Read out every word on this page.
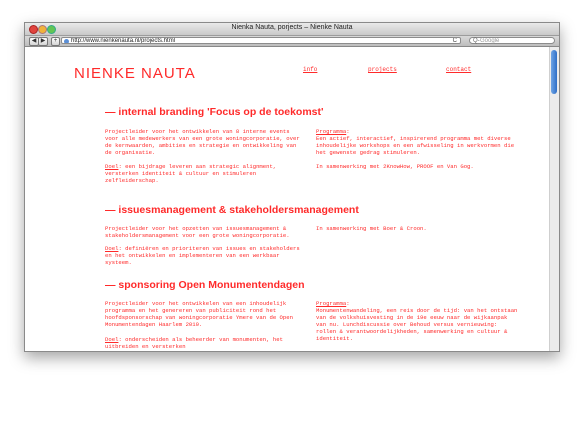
Nienka Nauta, porjects – Nienke Nauta
◀ ▶	+	http://www.nienkenauta.nl/projects.html	C	Q- Google
NIENKE NAUTA	info	projects	contact
— internal branding 'Focus op de toekomst'

Projectleider voor het ontwikkelen van 8 interne events voor alle medewerkers van een grote woningcorporatie, over de kernwaarden, ambities en strategie en ontwikkeling van de organisatie.

Doel: een bijdrage leveren aan strategic alignment, versterken identiteit & cultuur en stimuleren zelfleiderschap.

Programma:
Een actief, interactief, inspirerend programma met diverse inhoudelijke workshops en een afwisseling in werkvormen die het gewenste gedrag stimuleren.

In samenwerking met 2KnowHow, PROOF en Van Gog.

— issuesmanagement & stakeholdersmanagement

Projectleider voor het opzetten van issuesmanagement & stakeholdersmanagement voor een grote woningcorporatie.

Doel: definiëren en prioriteren van issues en stakeholders en het ontwikkelen en implementeren van een werkbaar systeem.

In samenwerking met Boer & Croon.

— sponsoring Open Monumentendagen

Projectleider voor het ontwikkelen van een inhoudelijk programma en het genereren van publiciteit rond het hoofdsponsorschap van woningcorporatie Ymere van de Open Monumentendagen Haarlem 2010.

Doel: onderscheiden als beheerder van monumenten, het uitbreiden en versterken

Programma:
Monumentenwandeling, een reis door de tijd: van het ontstaan van de volkshuisvesting in de 19e eeuw naar de wijkaanpak van nu. Lunchdiscussie over Behoud versus vernieuwing: rollen & verantwoordelijkheden, samenwerking en cultuur & identiteit.
